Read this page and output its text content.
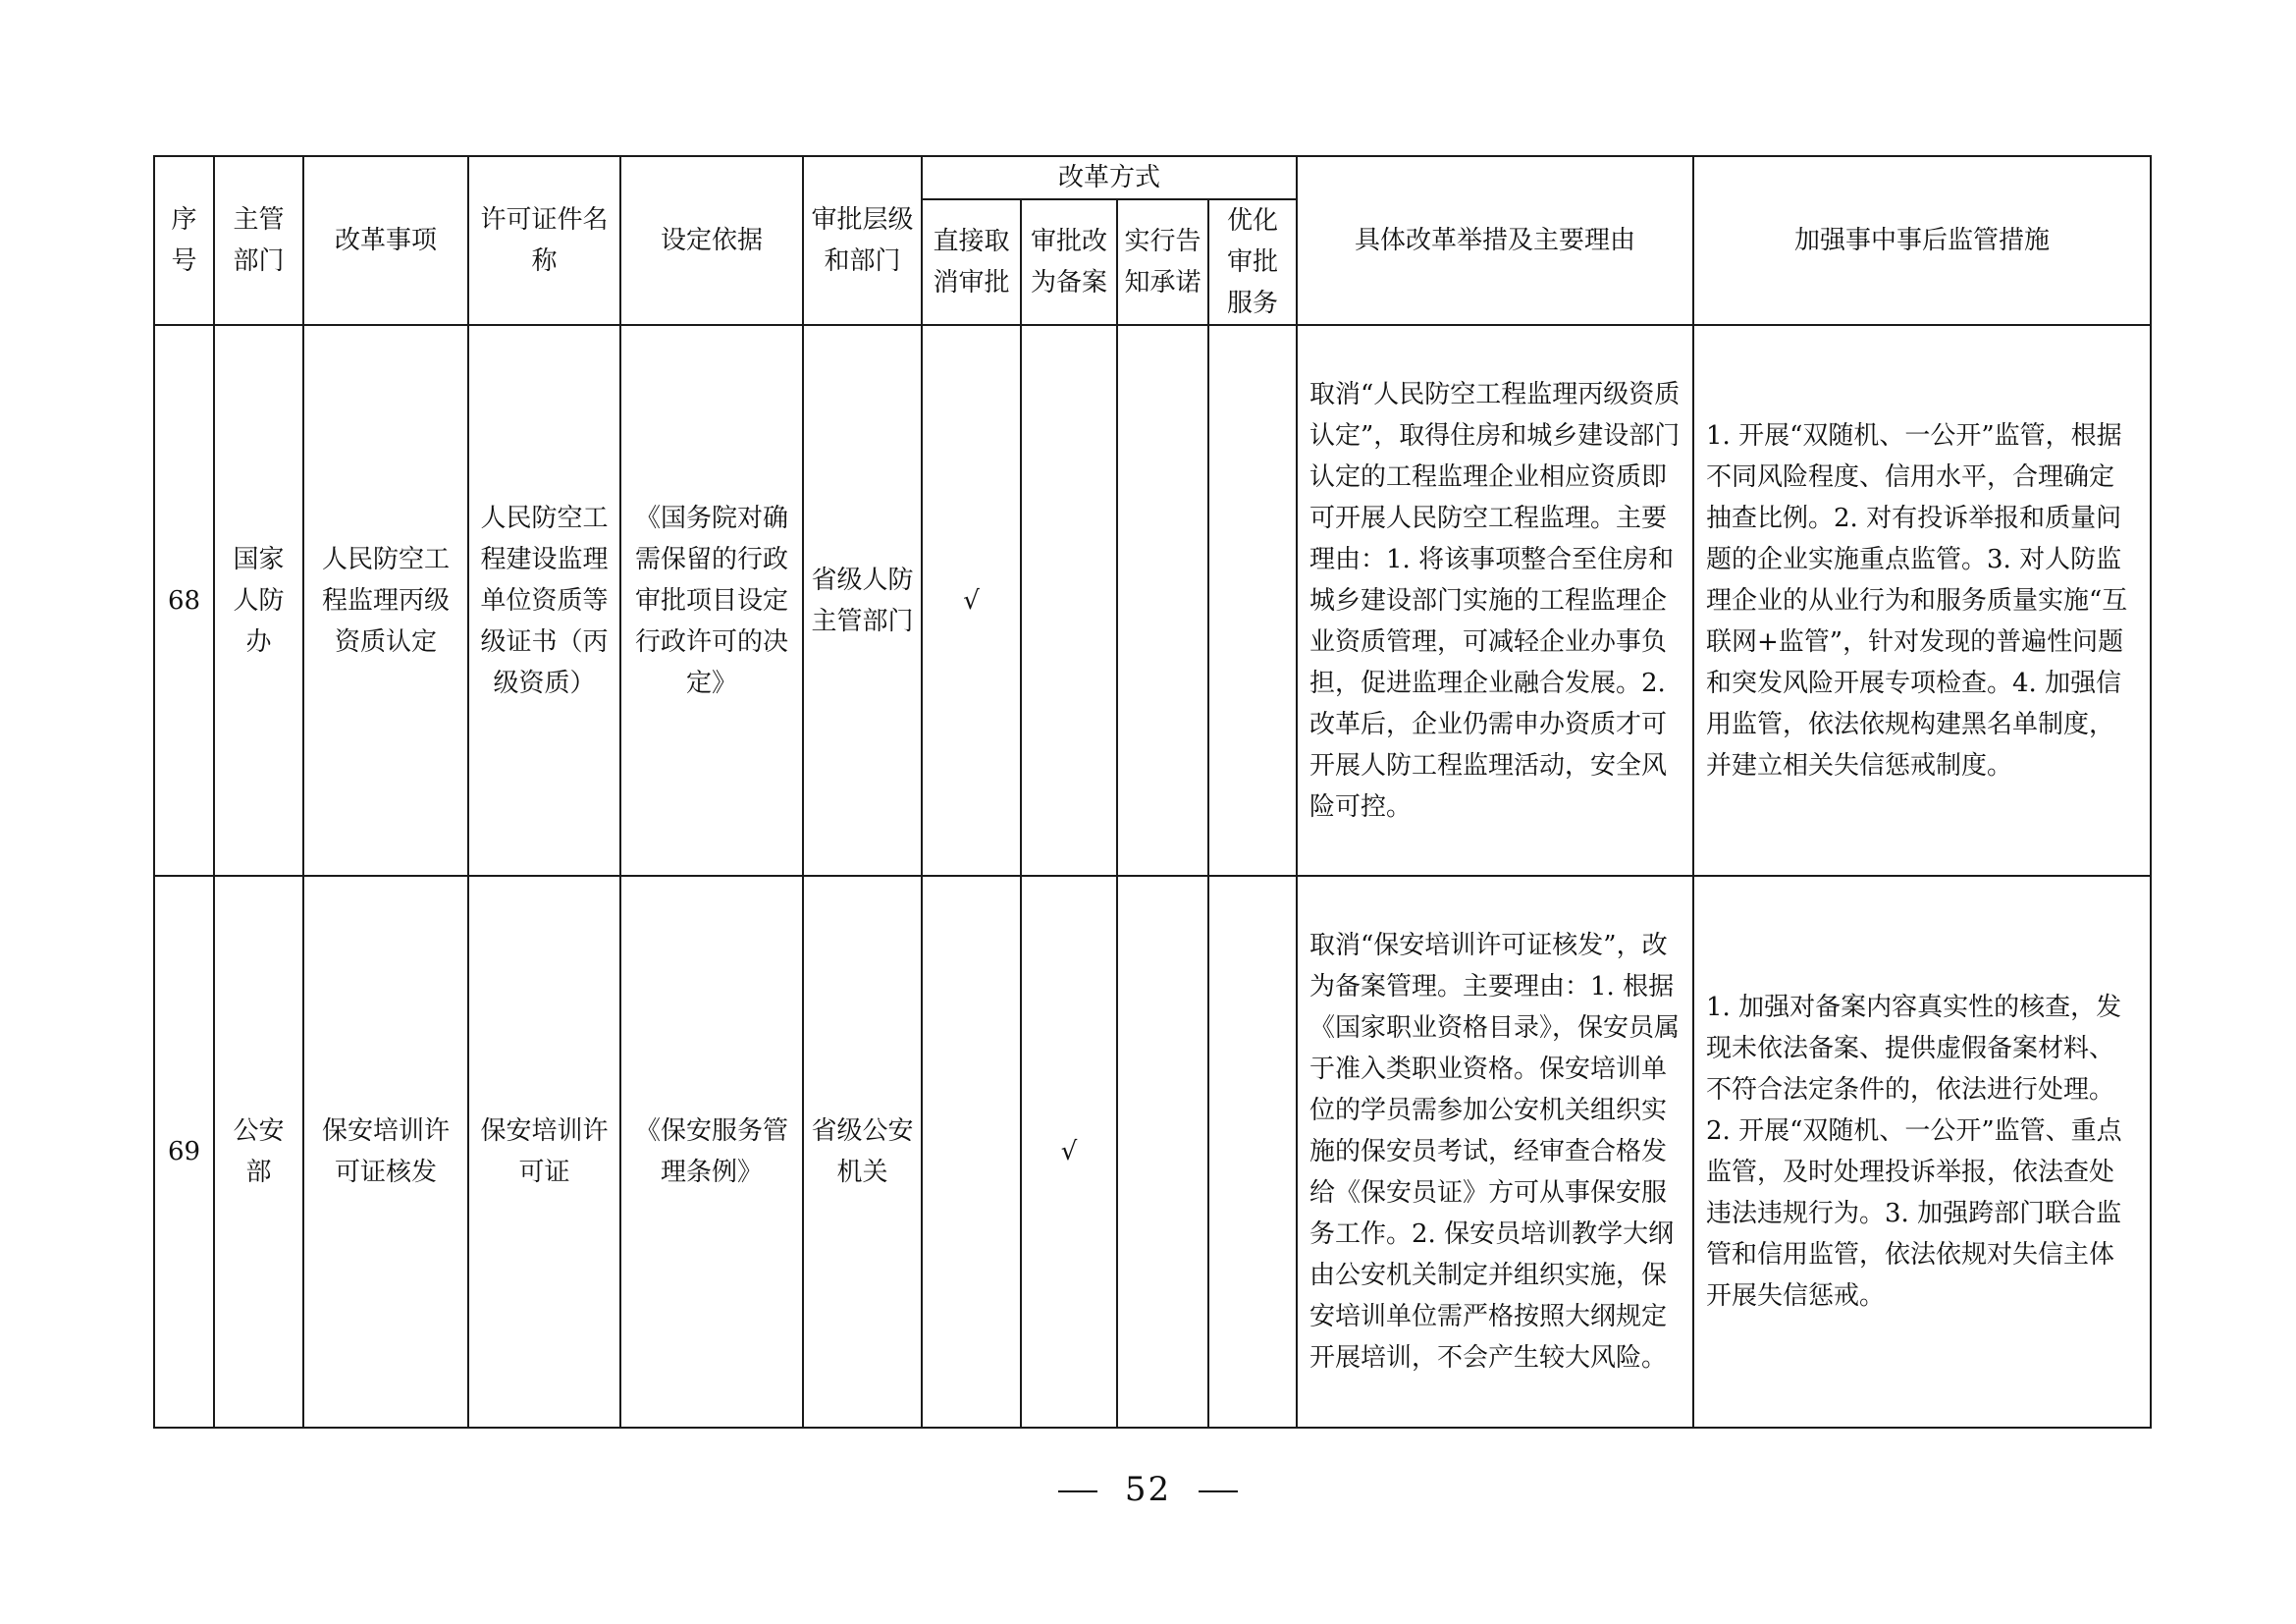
序号	主管部门	改革事项	许可证件名称	设定依据	审批层级和部门	改革方式				具体改革举措及主要理由	加强事中事后监管措施

						直接取消审批	审批改为备案	实行告知承诺	优化审批服务		

68	国家人防办	人民防空工程监理丙级资质认定	人民防空工程建设监理单位资质等级证书（丙级资质）	《国务院对确需保留的行政审批项目设定行政许可的决定》	省级人防主管部门	√				取消“人民防空工程监理丙级资质认定”，取得住房和城乡建设部门认定的工程监理企业相应资质即可开展人民防空工程监理。主要理由：1. 将该事项整合至住房和城乡建设部门实施的工程监理企业资质管理，可减轻企业办事负担，促进监理企业融合发展。2. 改革后，企业仍需申办资质才可开展人防工程监理活动，安全风险可控。	1. 开展“双随机、一公开”监管，根据不同风险程度、信用水平，合理确定抽查比例。2. 对有投诉举报和质量问题的企业实施重点监管。3. 对人防监理企业的从业行为和服务质量实施“互联网+监管”，针对发现的普遍性问题和突发风险开展专项检查。4. 加强信用监管，依法依规构建黑名单制度，并建立相关失信惩戒制度。

69	公安部	保安培训许可证核发	保安培训许可证	《保安服务管理条例》	省级公安机关		√			取消“保安培训许可证核发”，改为备案管理。主要理由：1. 根据《国家职业资格目录》，保安员属于准入类职业资格。保安培训单位的学员需参加公安机关组织实施的保安员考试，经审查合格发给《保安员证》方可从事保安服务工作。2. 保安员培训教学大纲由公安机关制定并组织实施，保安培训单位需严格按照大纲规定开展培训，不会产生较大风险。	1. 加强对备案内容真实性的核查，发现未依法备案、提供虚假备案材料、不符合法定条件的，依法进行处理。2. 开展“双随机、一公开”监管、重点监管，及时处理投诉举报，依法查处违法违规行为。3. 加强跨部门联合监管和信用监管，依法依规对失信主体开展失信惩戒。
52
